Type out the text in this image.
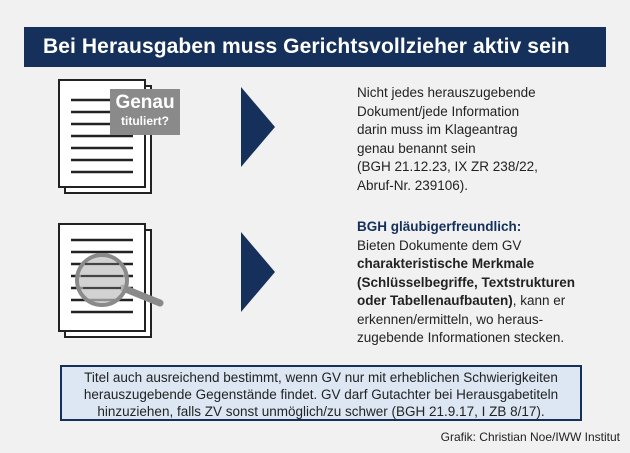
Bei Herausgaben muss Gerichtsvollzieher aktiv sein
Genau
tituliert?
Nicht jedes herauszugebende
Dokument/jede Information
darin muss im Klageantrag
genau benannt sein
(BGH 21.12.23, IX ZR 238/22,
Abruf-Nr. 239106).
BGH gläubigerfreundlich:
Bieten Dokumente dem GV charakteristische Merkmale (Schlüsselbegriffe, Textstrukturen oder Tabellenaufbauten), kann er erkennen/ermitteln, wo heraus-zugebende Informationen stecken.
Titel auch ausreichend bestimmt, wenn GV nur mit erheblichen Schwierigkeiten
herauszugebende Gegenstände findet. GV darf Gutachter bei Herausgabetiteln
hinzuziehen, falls ZV sonst unmöglich/zu schwer (BGH 21.9.17, I ZB 8/17).
Grafik: Christian Noe/IWW Institut
